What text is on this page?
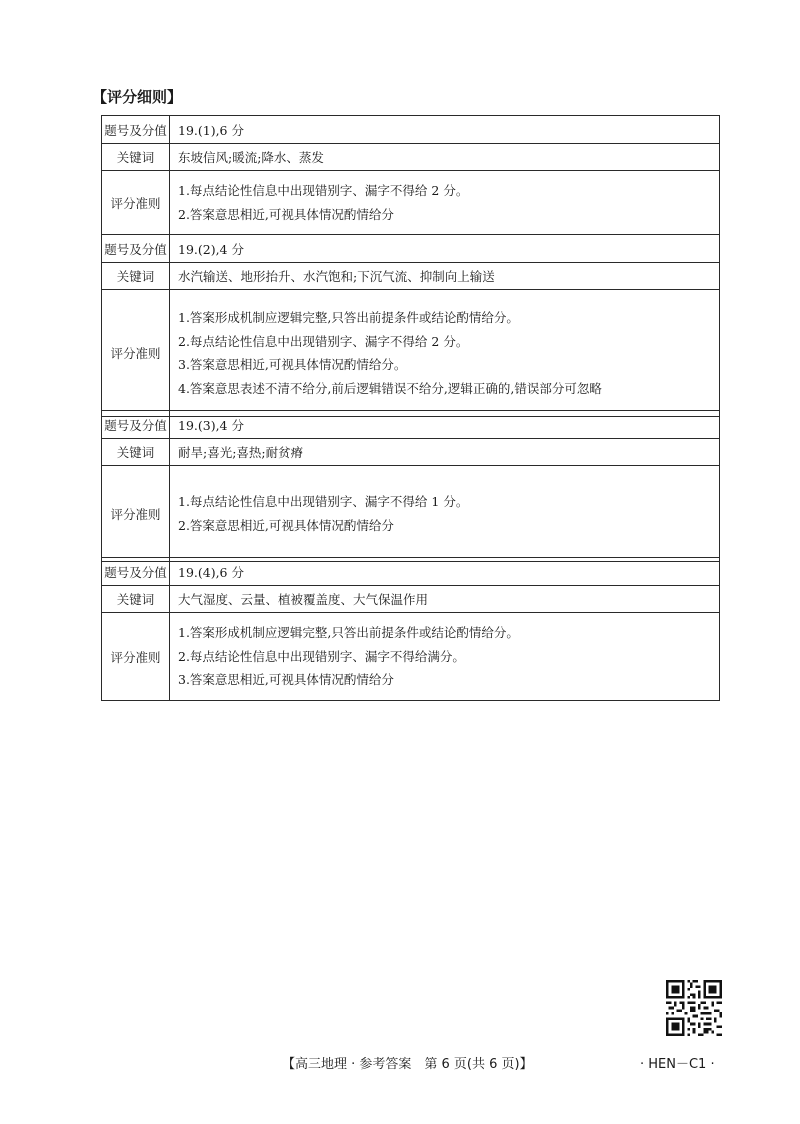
【评分细则】
题号及分值	19.(1),6 分
关键词	东坡信风;暖流;降水、蒸发
评分准则	1.每点结论性信息中出现错别字、漏字不得给 2 分。
2.答案意思相近,可视具体情况酌情给分
题号及分值	19.(2),4 分
关键词	水汽输送、地形抬升、水汽饱和;下沉气流、抑制向上输送
评分准则	1.答案形成机制应逻辑完整,只答出前提条件或结论酌情给分。
2.每点结论性信息中出现错别字、漏字不得给 2 分。
3.答案意思相近,可视具体情况酌情给分。
4.答案意思表述不清不给分,前后逻辑错误不给分,逻辑正确的,错误部分可忽略
题号及分值	19.(3),4 分
关键词	耐旱;喜光;喜热;耐贫瘠
评分准则	1.每点结论性信息中出现错别字、漏字不得给 1 分。
2.答案意思相近,可视具体情况酌情给分
题号及分值	19.(4),6 分
关键词	大气湿度、云量、植被覆盖度、大气保温作用
评分准则	1.答案形成机制应逻辑完整,只答出前提条件或结论酌情给分。
2.每点结论性信息中出现错别字、漏字不得给满分。
3.答案意思相近,可视具体情况酌情给分
【高三地理 · 参考答案　第 6 页(共 6 页)】	· HEN－C1 ·
